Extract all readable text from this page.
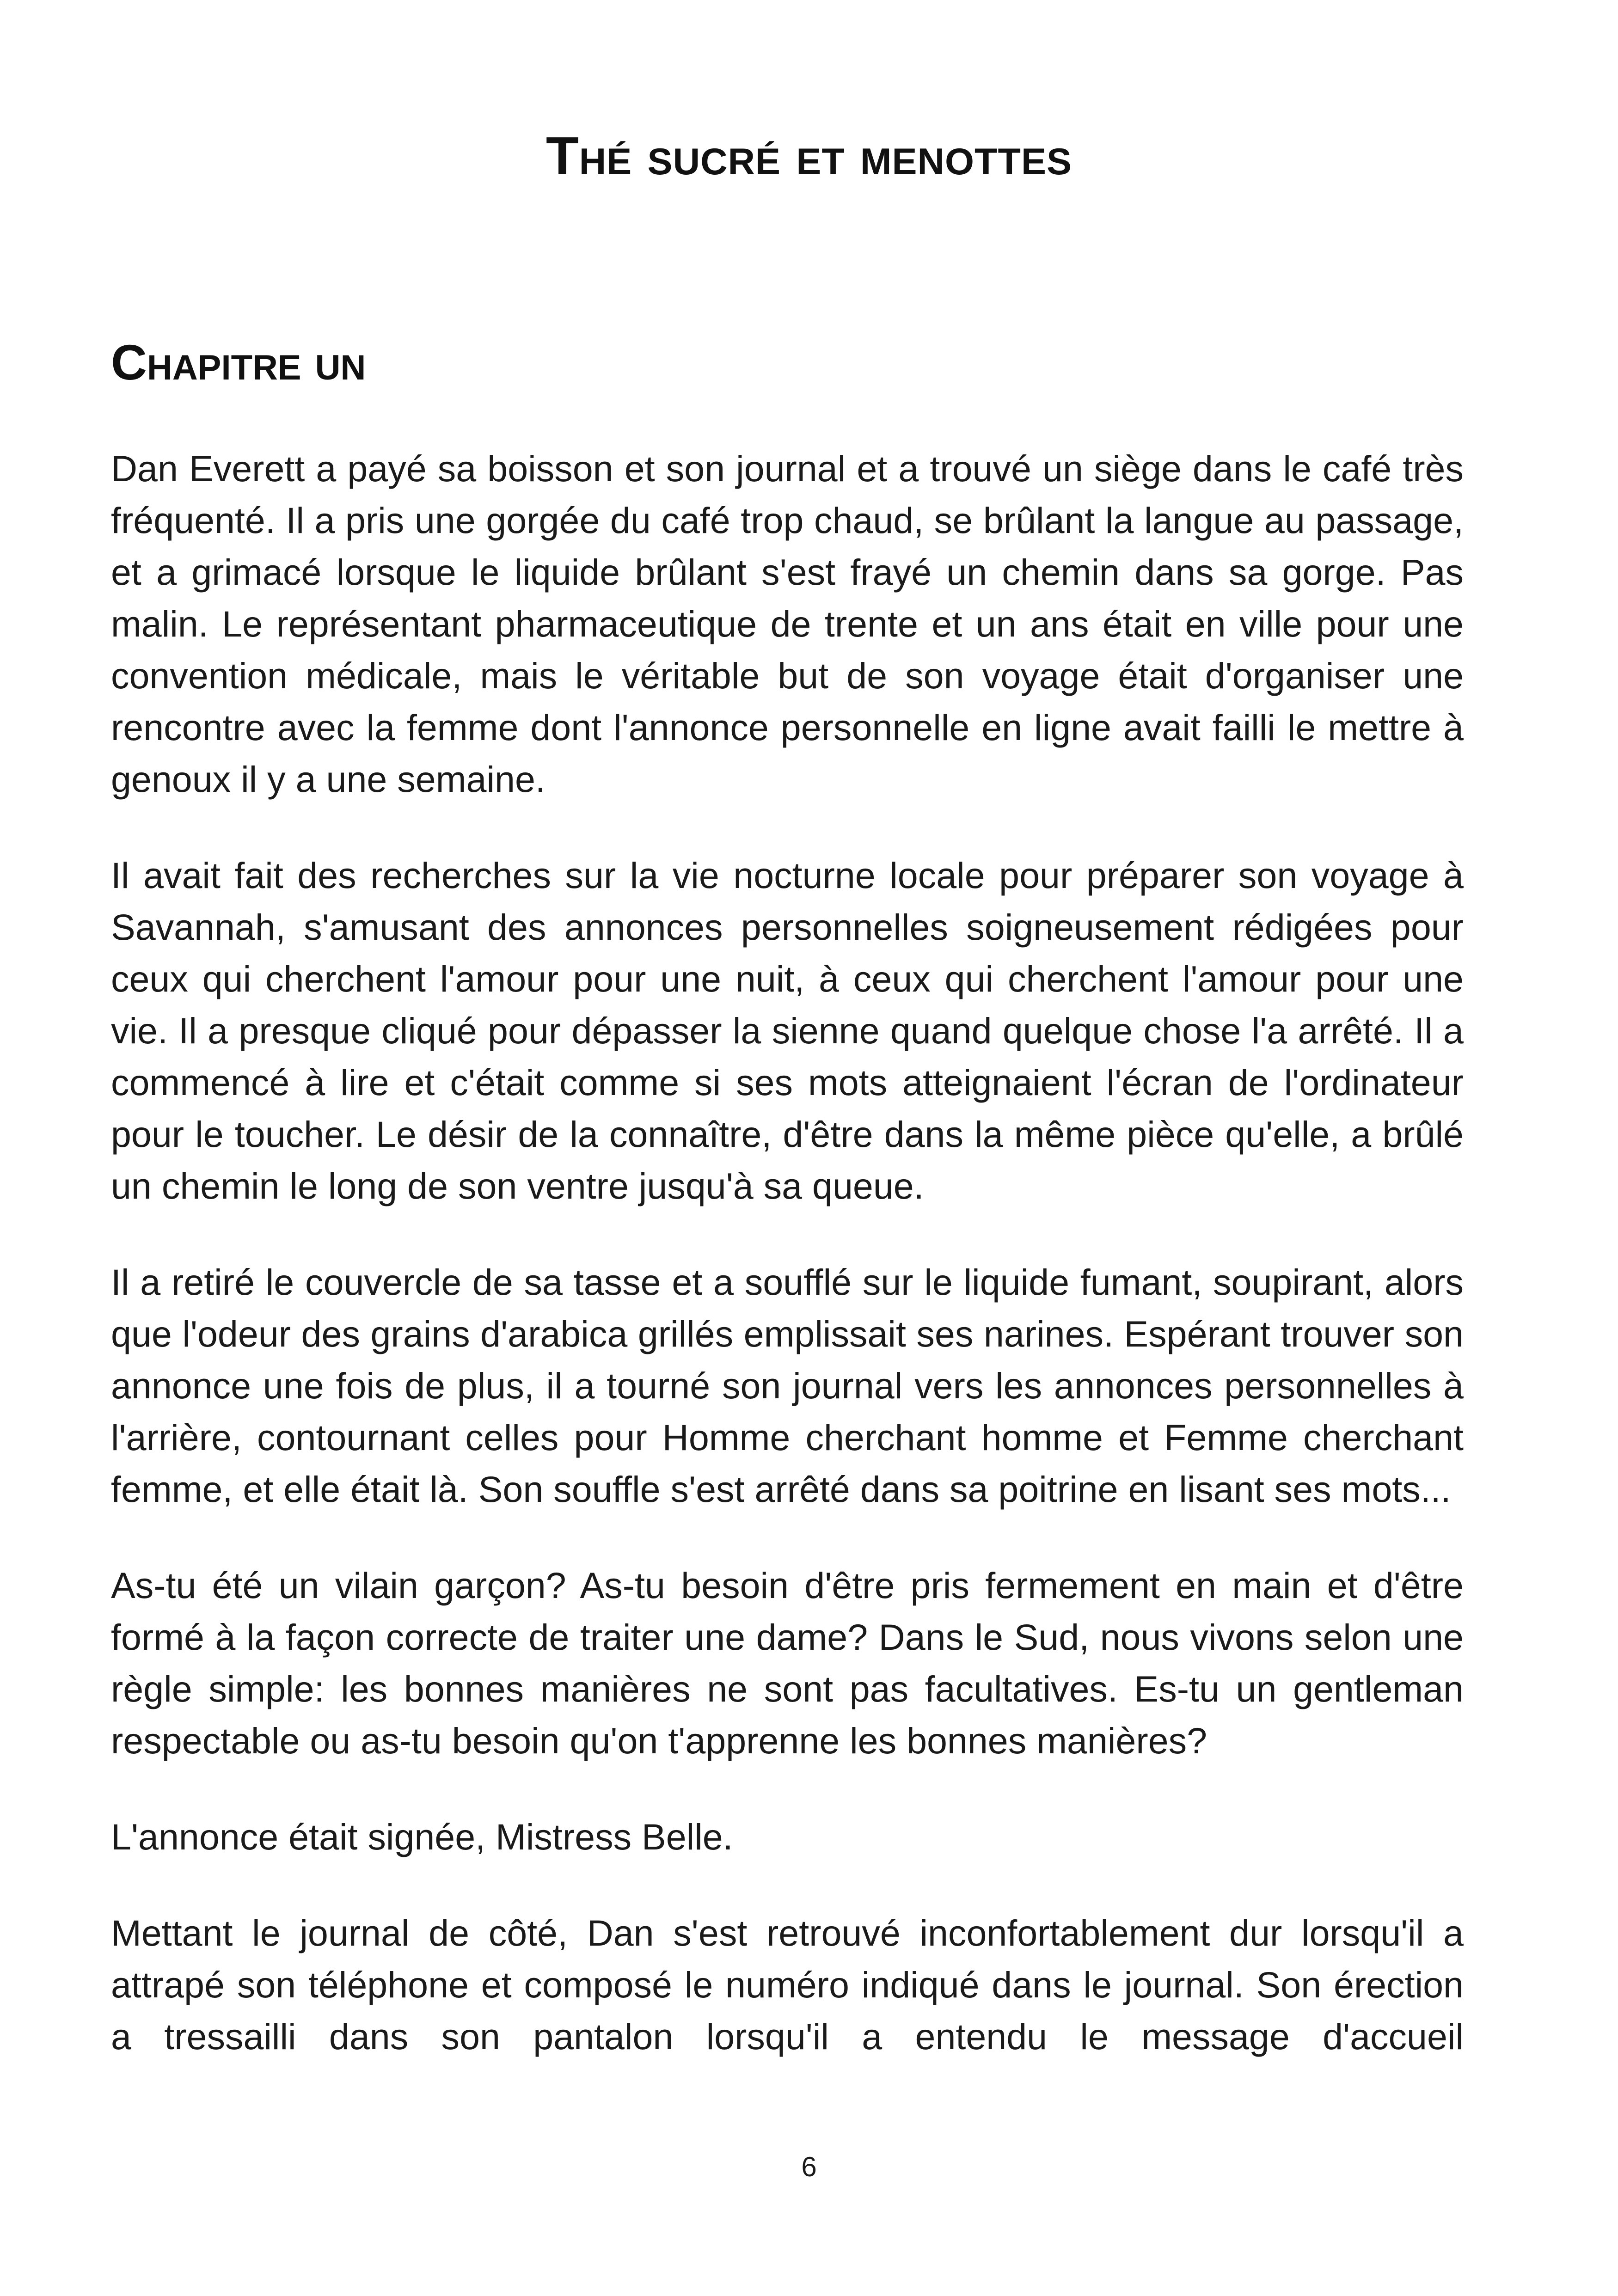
Thé sucré et menottes
Chapitre un

Dan Everett a payé sa boisson et son journal et a trouvé un siège dans le café très fréquenté. Il a pris une gorgée du café trop chaud, se brûlant la langue au passage, et a grimacé lorsque le liquide brûlant s'est frayé un chemin dans sa gorge. Pas malin. Le représentant pharmaceutique de trente et un ans était en ville pour une convention médicale, mais le véritable but de son voyage était d'organiser une rencontre avec la femme dont l'annonce personnelle en ligne avait failli le mettre à genoux il y a une semaine.

Il avait fait des recherches sur la vie nocturne locale pour préparer son voyage à Savannah, s'amusant des annonces personnelles soigneusement rédigées pour ceux qui cherchent l'amour pour une nuit, à ceux qui cherchent l'amour pour une vie. Il a presque cliqué pour dépasser la sienne quand quelque chose l'a arrêté. Il a commencé à lire et c'était comme si ses mots atteignaient l'écran de l'ordinateur pour le toucher. Le désir de la connaître, d'être dans la même pièce qu'elle, a brûlé un chemin le long de son ventre jusqu'à sa queue.

Il a retiré le couvercle de sa tasse et a soufflé sur le liquide fumant, soupirant, alors que l'odeur des grains d'arabica grillés emplissait ses narines. Espérant trouver son annonce une fois de plus, il a tourné son journal vers les annonces personnelles à l'arrière, contournant celles pour Homme cherchant homme et Femme cherchant femme, et elle était là. Son souffle s'est arrêté dans sa poitrine en lisant ses mots...

As-tu été un vilain garçon? As-tu besoin d'être pris fermement en main et d'être formé à la façon correcte de traiter une dame? Dans le Sud, nous vivons selon une règle simple: les bonnes manières ne sont pas facultatives. Es-tu un gentleman respectable ou as-tu besoin qu'on t'apprenne les bonnes manières?

L'annonce était signée, Mistress Belle.

Mettant le journal de côté, Dan s'est retrouvé inconfortablement dur lorsqu'il a attrapé son téléphone et composé le numéro indiqué dans le journal. Son érection a tressailli dans son pantalon lorsqu'il a entendu le message d'accueil

6
